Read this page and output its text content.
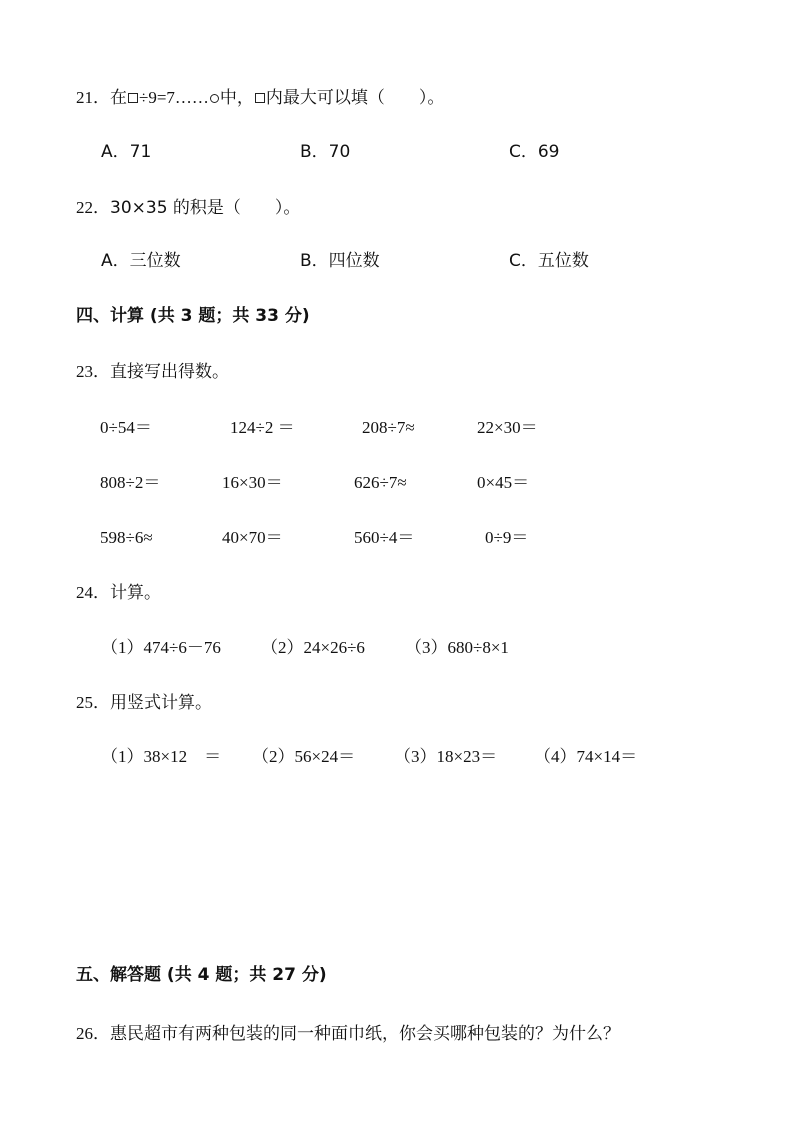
21．在 ÷9=7…… 中， 内最大可以填（　　）。
A．71	B．70	C．69
22．30×35 的积是（　　）。
A．三位数	B．四位数	C．五位数
四、计算 (共 3 题；共 33 分)
23．直接写出得数。
0÷54＝	124÷2 ＝	208÷7≈	22×30＝
808÷2＝	16×30＝	626÷7≈	0×45＝
598÷6≈	40×70＝	560÷4＝	0÷9＝
24．计算。
（1）474÷6－76 （2）24×26÷6 （3）680÷8×1
25．用竖式计算。
（1）38×12　＝ （2）56×24＝ （3）18×23＝ （4）74×14＝
五、解答题 (共 4 题；共 27 分)
26．惠民超市有两种包装的同一种面巾纸，你会买哪种包装的？为什么？
